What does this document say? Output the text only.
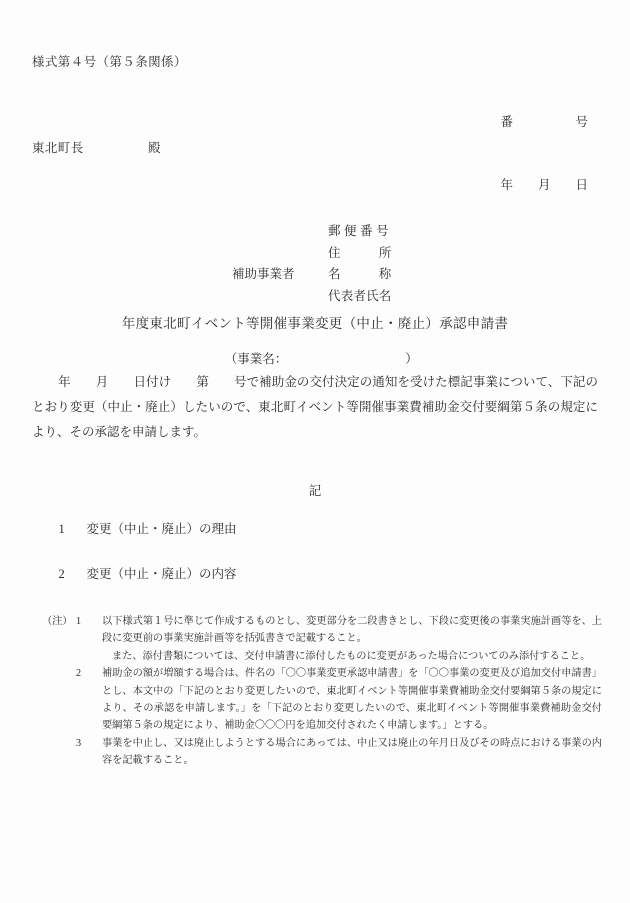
様式第４号（第５条関係）

番　　　　　号

年　　月　　日

東北町長　　　　　殿

郵 便 番 号
住　　　所
補助事業者	名　　　称
代表者氏名

年度東北町イベント等開催事業変更（中止・廃止）承認申請書

（事業名：	）

年　　月　　日付け　　第　　号で補助金の交付決定の通知を受けた標記事業について、下記のとおり変更（中止・廃止）したいので、東北町イベント等開催事業費補助金交付要綱第５条の規定により、その承認を申請します。
記

1 変更（中止・廃止）の理由

2 変更（中止・廃止）の内容

（注） 1	以下様式第１号に準じて作成するものとし、変更部分を二段書きとし、下段に変更後の事業実施計画等を、上段に変更前の事業実施計画等を括弧書きで記載すること。
また、添付書類については、交付申請書に添付したものに変更があった場合についてのみ添付すること。
2	補助金の額が増額する場合は、件名の「〇〇事業変更承認申請書」を「〇〇事業の変更及び追加交付申請書」とし、本文中の「下記のとおり変更したいので、東北町イベント等開催事業費補助金交付要綱第５条の規定により、その承認を申請します。」を「下記のとおり変更したいので、東北町イベント等開催事業費補助金交付要綱第５条の規定により、補助金〇〇〇円を追加交付されたく申請します。」とする。
3	事業を中止し、又は廃止しようとする場合にあっては、中止又は廃止の年月日及びその時点における事業の内容を記載すること。
